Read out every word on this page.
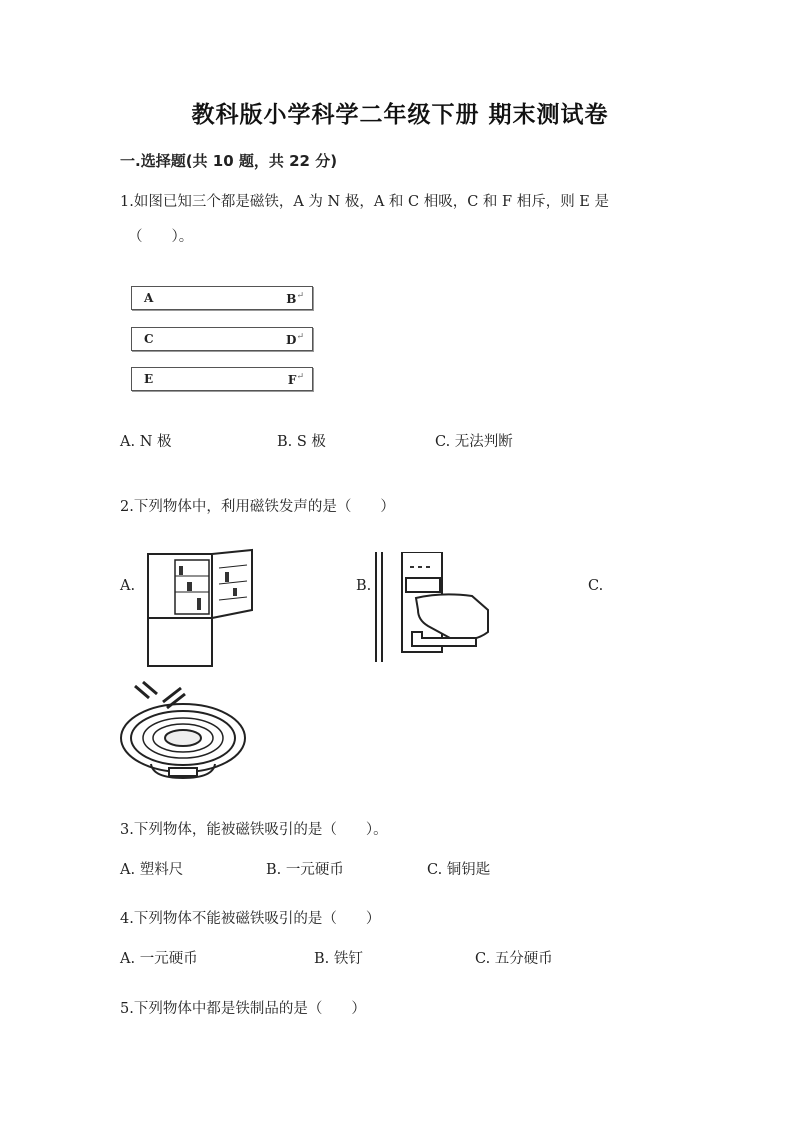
教科版小学科学二年级下册 期末测试卷
一.选择题(共 10 题，共 22 分)
1.如图已知三个都是磁铁，A 为 N 极，A 和 C 相吸，C 和 F 相斥，则 E 是
（　　）。
A	B↵
C	D↵
E	F↵
A. N 极	B. S 极	C. 无法判断
2.下列物体中，利用磁铁发声的是（　　）
A.	B.	C.
3.下列物体，能被磁铁吸引的是（　　）。
A. 塑料尺	B. 一元硬币	C. 铜钥匙
4.下列物体不能被磁铁吸引的是（　　）
A. 一元硬币	B. 铁钉	C. 五分硬币
5.下列物体中都是铁制品的是（　　）
